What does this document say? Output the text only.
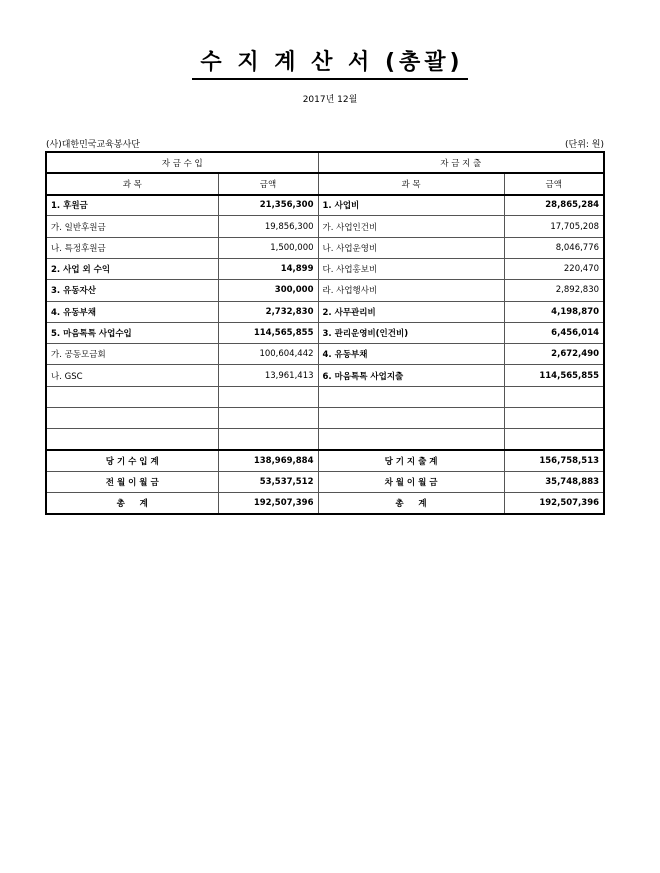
수 지 계 산 서 (총괄)
2017년 12월
(사)대한민국교육봉사단	(단위: 원)
자 금 수 입		자 금 지 출	
과 목	금액	과 목	금액
1. 후원금	21,356,300	1. 사업비	28,865,284
가. 일반후원금	19,856,300	가. 사업인건비	17,705,208
나. 특정후원금	1,500,000	나. 사업운영비	8,046,776
2. 사업 외 수익	14,899	다. 사업홍보비	220,470
3. 유동자산	300,000	라. 사업행사비	2,892,830
4. 유동부채	2,732,830	2. 사무관리비	4,198,870
5. 마음톡톡 사업수입	114,565,855	3. 관리운영비(인건비)	6,456,014
가. 공동모금회	100,604,442	4. 유동부채	2,672,490
나. GSC	13,961,413	6. 마음톡톡 사업지출	114,565,855

당 기 수 입 계	138,969,884	당 기 지 출 계	156,758,513
전 월 이 월 금	53,537,512	차 월 이 월 금	35,748,883
총     계	192,507,396	총     계	192,507,396
